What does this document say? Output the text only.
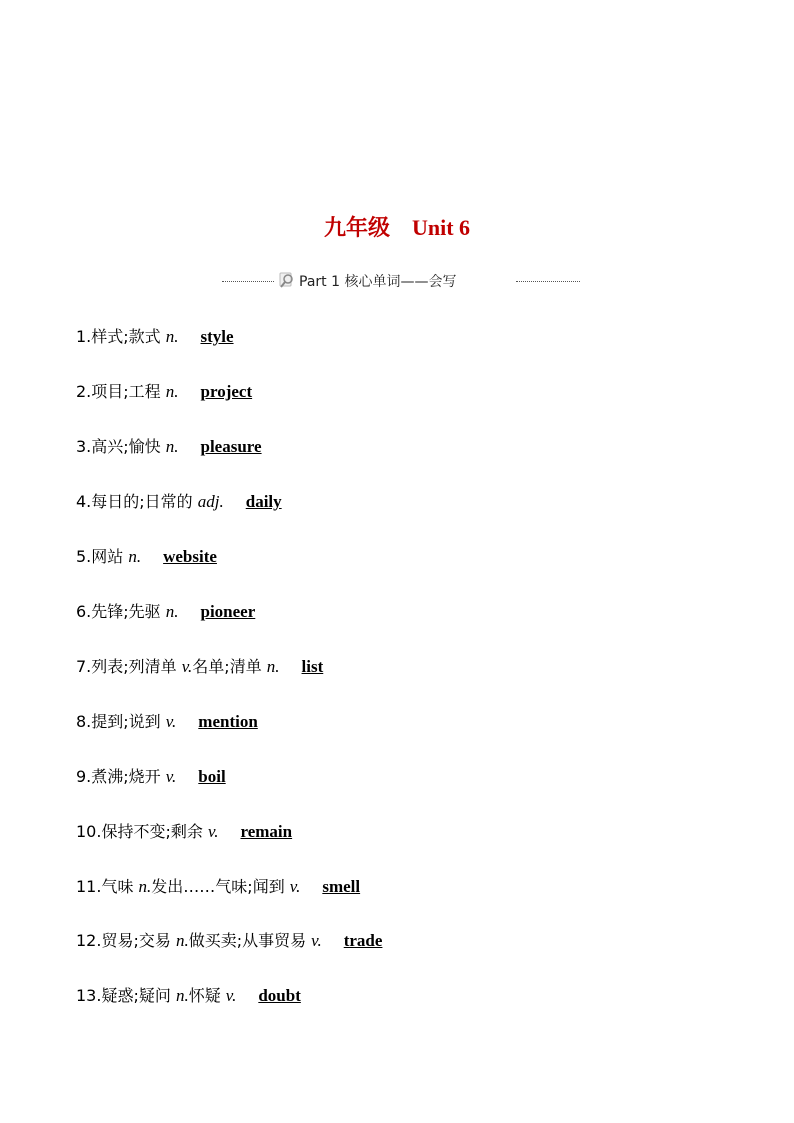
九年级 Unit 6
Part 1 核心单词——会写
1.样式;款式 n. style
2.项目;工程 n. project
3.高兴;愉快 n. pleasure
4.每日的;日常的 adj. daily
5.网站 n. website
6.先锋;先驱 n. pioneer
7.列表;列清单 v.名单;清单 n. list
8.提到;说到 v. mention
9.煮沸;烧开 v. boil
10.保持不变;剩余 v. remain
11.气味 n.发出……气味;闻到 v. smell
12.贸易;交易 n.做买卖;从事贸易 v. trade
13.疑惑;疑问 n.怀疑 v. doubt
